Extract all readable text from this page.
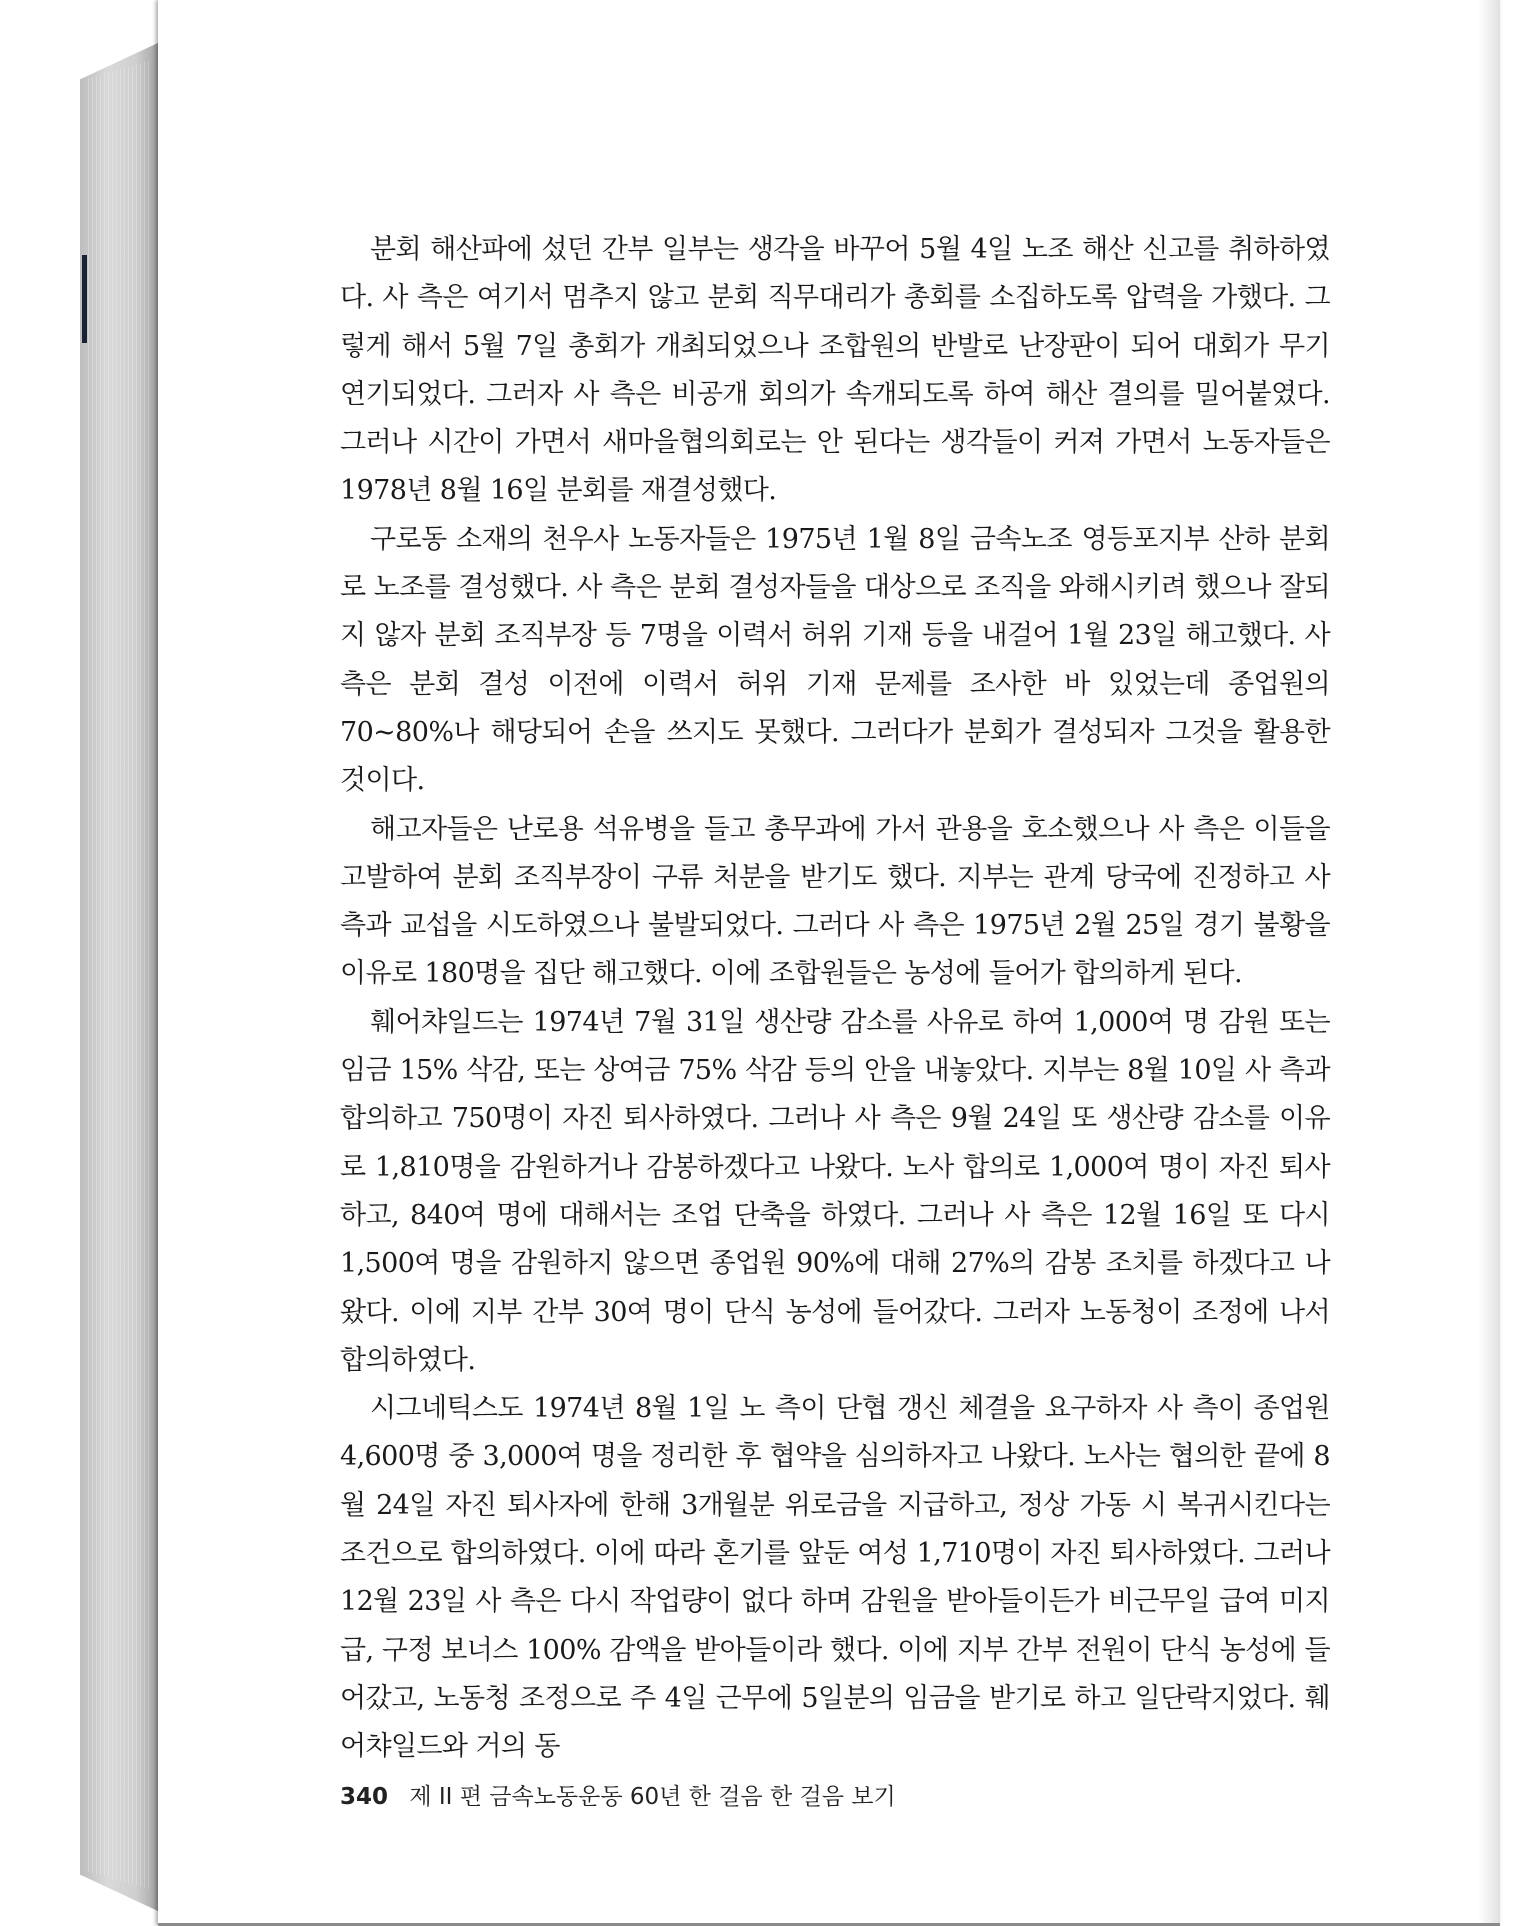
분회 해산파에 섰던 간부 일부는 생각을 바꾸어 5월 4일 노조 해산 신고를 취하하였다. 사 측은 여기서 멈추지 않고 분회 직무대리가 총회를 소집하도록 압력을 가했다. 그렇게 해서 5월 7일 총회가 개최되었으나 조합원의 반발로 난장판이 되어 대회가 무기 연기되었다. 그러자 사 측은 비공개 회의가 속개되도록 하여 해산 결의를 밀어붙였다. 그러나 시간이 가면서 새마을협의회로는 안 된다는 생각들이 커져 가면서 노동자들은 1978년 8월 16일 분회를 재결성했다.

구로동 소재의 천우사 노동자들은 1975년 1월 8일 금속노조 영등포지부 산하 분회로 노조를 결성했다. 사 측은 분회 결성자들을 대상으로 조직을 와해시키려 했으나 잘되지 않자 분회 조직부장 등 7명을 이력서 허위 기재 등을 내걸어 1월 23일 해고했다. 사 측은 분회 결성 이전에 이력서 허위 기재 문제를 조사한 바 있었는데 종업원의 70~80%나 해당되어 손을 쓰지도 못했다. 그러다가 분회가 결성되자 그것을 활용한 것이다.

해고자들은 난로용 석유병을 들고 총무과에 가서 관용을 호소했으나 사 측은 이들을 고발하여 분회 조직부장이 구류 처분을 받기도 했다. 지부는 관계 당국에 진정하고 사 측과 교섭을 시도하였으나 불발되었다. 그러다 사 측은 1975년 2월 25일 경기 불황을 이유로 180명을 집단 해고했다. 이에 조합원들은 농성에 들어가 합의하게 된다.

훼어챠일드는 1974년 7월 31일 생산량 감소를 사유로 하여 1,000여 명 감원 또는 임금 15% 삭감, 또는 상여금 75% 삭감 등의 안을 내놓았다. 지부는 8월 10일 사 측과 합의하고 750명이 자진 퇴사하였다. 그러나 사 측은 9월 24일 또 생산량 감소를 이유로 1,810명을 감원하거나 감봉하겠다고 나왔다. 노사 합의로 1,000여 명이 자진 퇴사하고, 840여 명에 대해서는 조업 단축을 하였다. 그러나 사 측은 12월 16일 또 다시 1,500여 명을 감원하지 않으면 종업원 90%에 대해 27%의 감봉 조치를 하겠다고 나왔다. 이에 지부 간부 30여 명이 단식 농성에 들어갔다. 그러자 노동청이 조정에 나서 합의하였다.

시그네틱스도 1974년 8월 1일 노 측이 단협 갱신 체결을 요구하자 사 측이 종업원 4,600명 중 3,000여 명을 정리한 후 협약을 심의하자고 나왔다. 노사는 협의한 끝에 8월 24일 자진 퇴사자에 한해 3개월분 위로금을 지급하고, 정상 가동 시 복귀시킨다는 조건으로 합의하였다. 이에 따라 혼기를 앞둔 여성 1,710명이 자진 퇴사하였다. 그러나 12월 23일 사 측은 다시 작업량이 없다 하며 감원을 받아들이든가 비근무일 급여 미지급, 구정 보너스 100% 감액을 받아들이라 했다. 이에 지부 간부 전원이 단식 농성에 들어갔고, 노동청 조정으로 주 4일 근무에 5일분의 임금을 받기로 하고 일단락지었다. 훼어챠일드와 거의 동

340 제 II 편 금속노동운동 60년 한 걸음 한 걸음 보기
